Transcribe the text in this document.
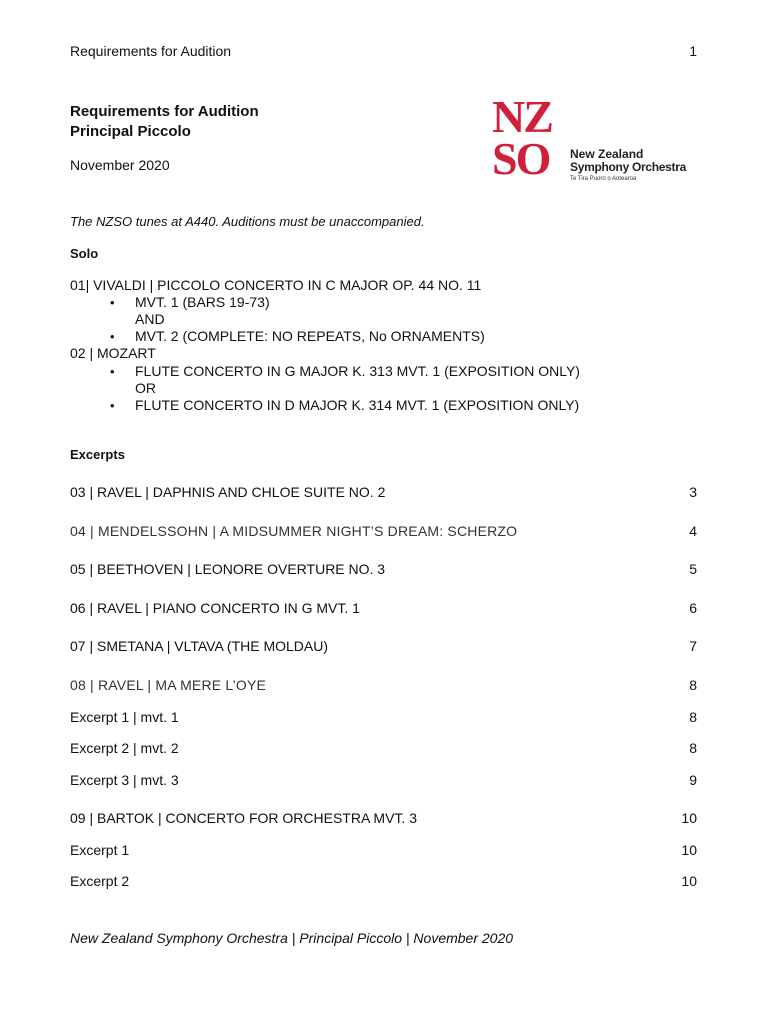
Requirements for Audition	1
Requirements for Audition
Principal Piccolo
November 2020
NZ
SO New Zealand
Symphony Orchestra
Te Tira Puoro o Aotearoa
The NZSO tunes at A440. Auditions must be unaccompanied.
Solo
01| VIVALDI | PICCOLO CONCERTO IN C MAJOR OP. 44 NO. 11
• MVT. 1 (BARS 19-73)
AND
• MVT. 2 (COMPLETE: NO REPEATS, No ORNAMENTS)
02 | MOZART
• FLUTE CONCERTO IN G MAJOR K. 313 MVT. 1 (EXPOSITION ONLY)
OR
• FLUTE CONCERTO IN D MAJOR K. 314 MVT. 1 (EXPOSITION ONLY)
Excerpts
03 | RAVEL | DAPHNIS AND CHLOE SUITE NO. 2	3
04 | MENDELSSOHN | A MIDSUMMER NIGHT’S DREAM: SCHERZO	4
05 | BEETHOVEN | LEONORE OVERTURE NO. 3	5
06 | RAVEL | PIANO CONCERTO IN G MVT. 1	6
07 | SMETANA | VLTAVA (THE MOLDAU)	7
08 | RAVEL | MA MERE L’OYE	8
Excerpt 1 | mvt. 1	8
Excerpt 2 | mvt. 2	8
Excerpt 3 | mvt. 3	9
09 | BARTOK | CONCERTO FOR ORCHESTRA MVT. 3	10
Excerpt 1	10
Excerpt 2	10
New Zealand Symphony Orchestra | Principal Piccolo | November 2020
